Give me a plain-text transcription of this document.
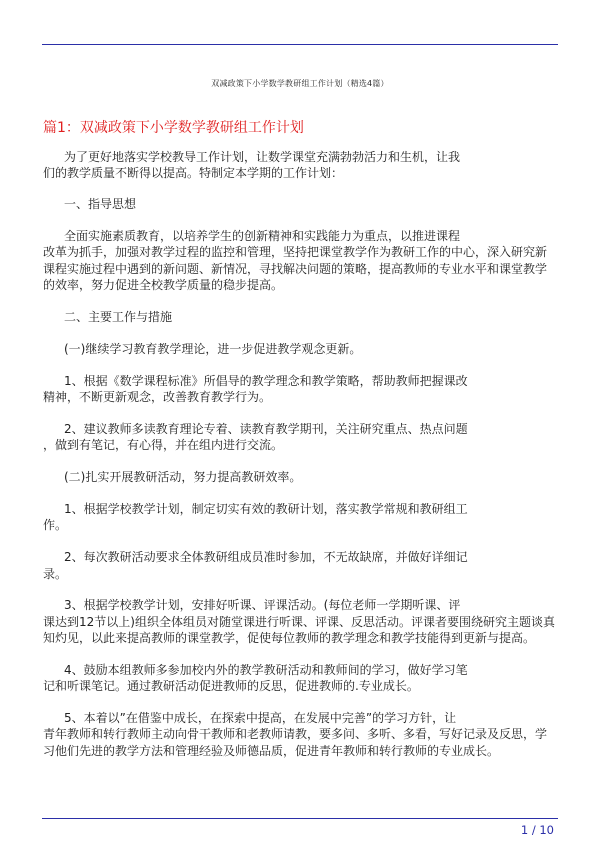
双减政策下小学数学教研组工作计划（精选4篇）
篇1：双减政策下小学数学教研组工作计划
为了更好地落实学校教导工作计划，让数学课堂充满勃勃活力和生机，让我
们的教学质量不断得以提高。特制定本学期的工作计划：
一、指导思想
全面实施素质教育，以培养学生的创新精神和实践能力为重点，以推进课程
改革为抓手，加强对教学过程的监控和管理，坚持把课堂教学作为教研工作的中心，深入研究新
课程实施过程中遇到的新问题、新情况，寻找解决问题的策略，提高教师的专业水平和课堂教学
的效率，努力促进全校教学质量的稳步提高。
二、主要工作与措施
(一)继续学习教育教学理论，进一步促进教学观念更新。
1、根据《数学课程标准》所倡导的教学理念和教学策略，帮助教师把握课改
精神，不断更新观念，改善教育教学行为。
2、建议教师多读教育理论专着、读教育教学期刊，关注研究重点、热点问题
，做到有笔记，有心得，并在组内进行交流。
(二)扎实开展教研活动，努力提高教研效率。
1、根据学校教学计划，制定切实有效的教研计划，落实教学常规和教研组工
作。
2、每次教研活动要求全体教研组成员准时参加，不无故缺席，并做好详细记
录。
3、根据学校教学计划，安排好听课、评课活动。(每位老师一学期听课、评
课达到12节以上)组织全体组员对随堂课进行听课、评课、反思活动。评课者要围绕研究主题谈真
知灼见，以此来提高教师的课堂教学，促使每位教师的教学理念和教学技能得到更新与提高。
4、鼓励本组教师多参加校内外的教学教研活动和教师间的学习，做好学习笔
记和听课笔记。通过教研活动促进教师的反思，促进教师的.专业成长。
5、本着以”在借鉴中成长，在探索中提高，在发展中完善”的学习方针，让
青年教师和转行教师主动向骨干教师和老教师请教，要多问、多听、多看，写好记录及反思，学
习他们先进的教学方法和管理经验及师德品质，促进青年教师和转行教师的专业成长。
1 / 10
